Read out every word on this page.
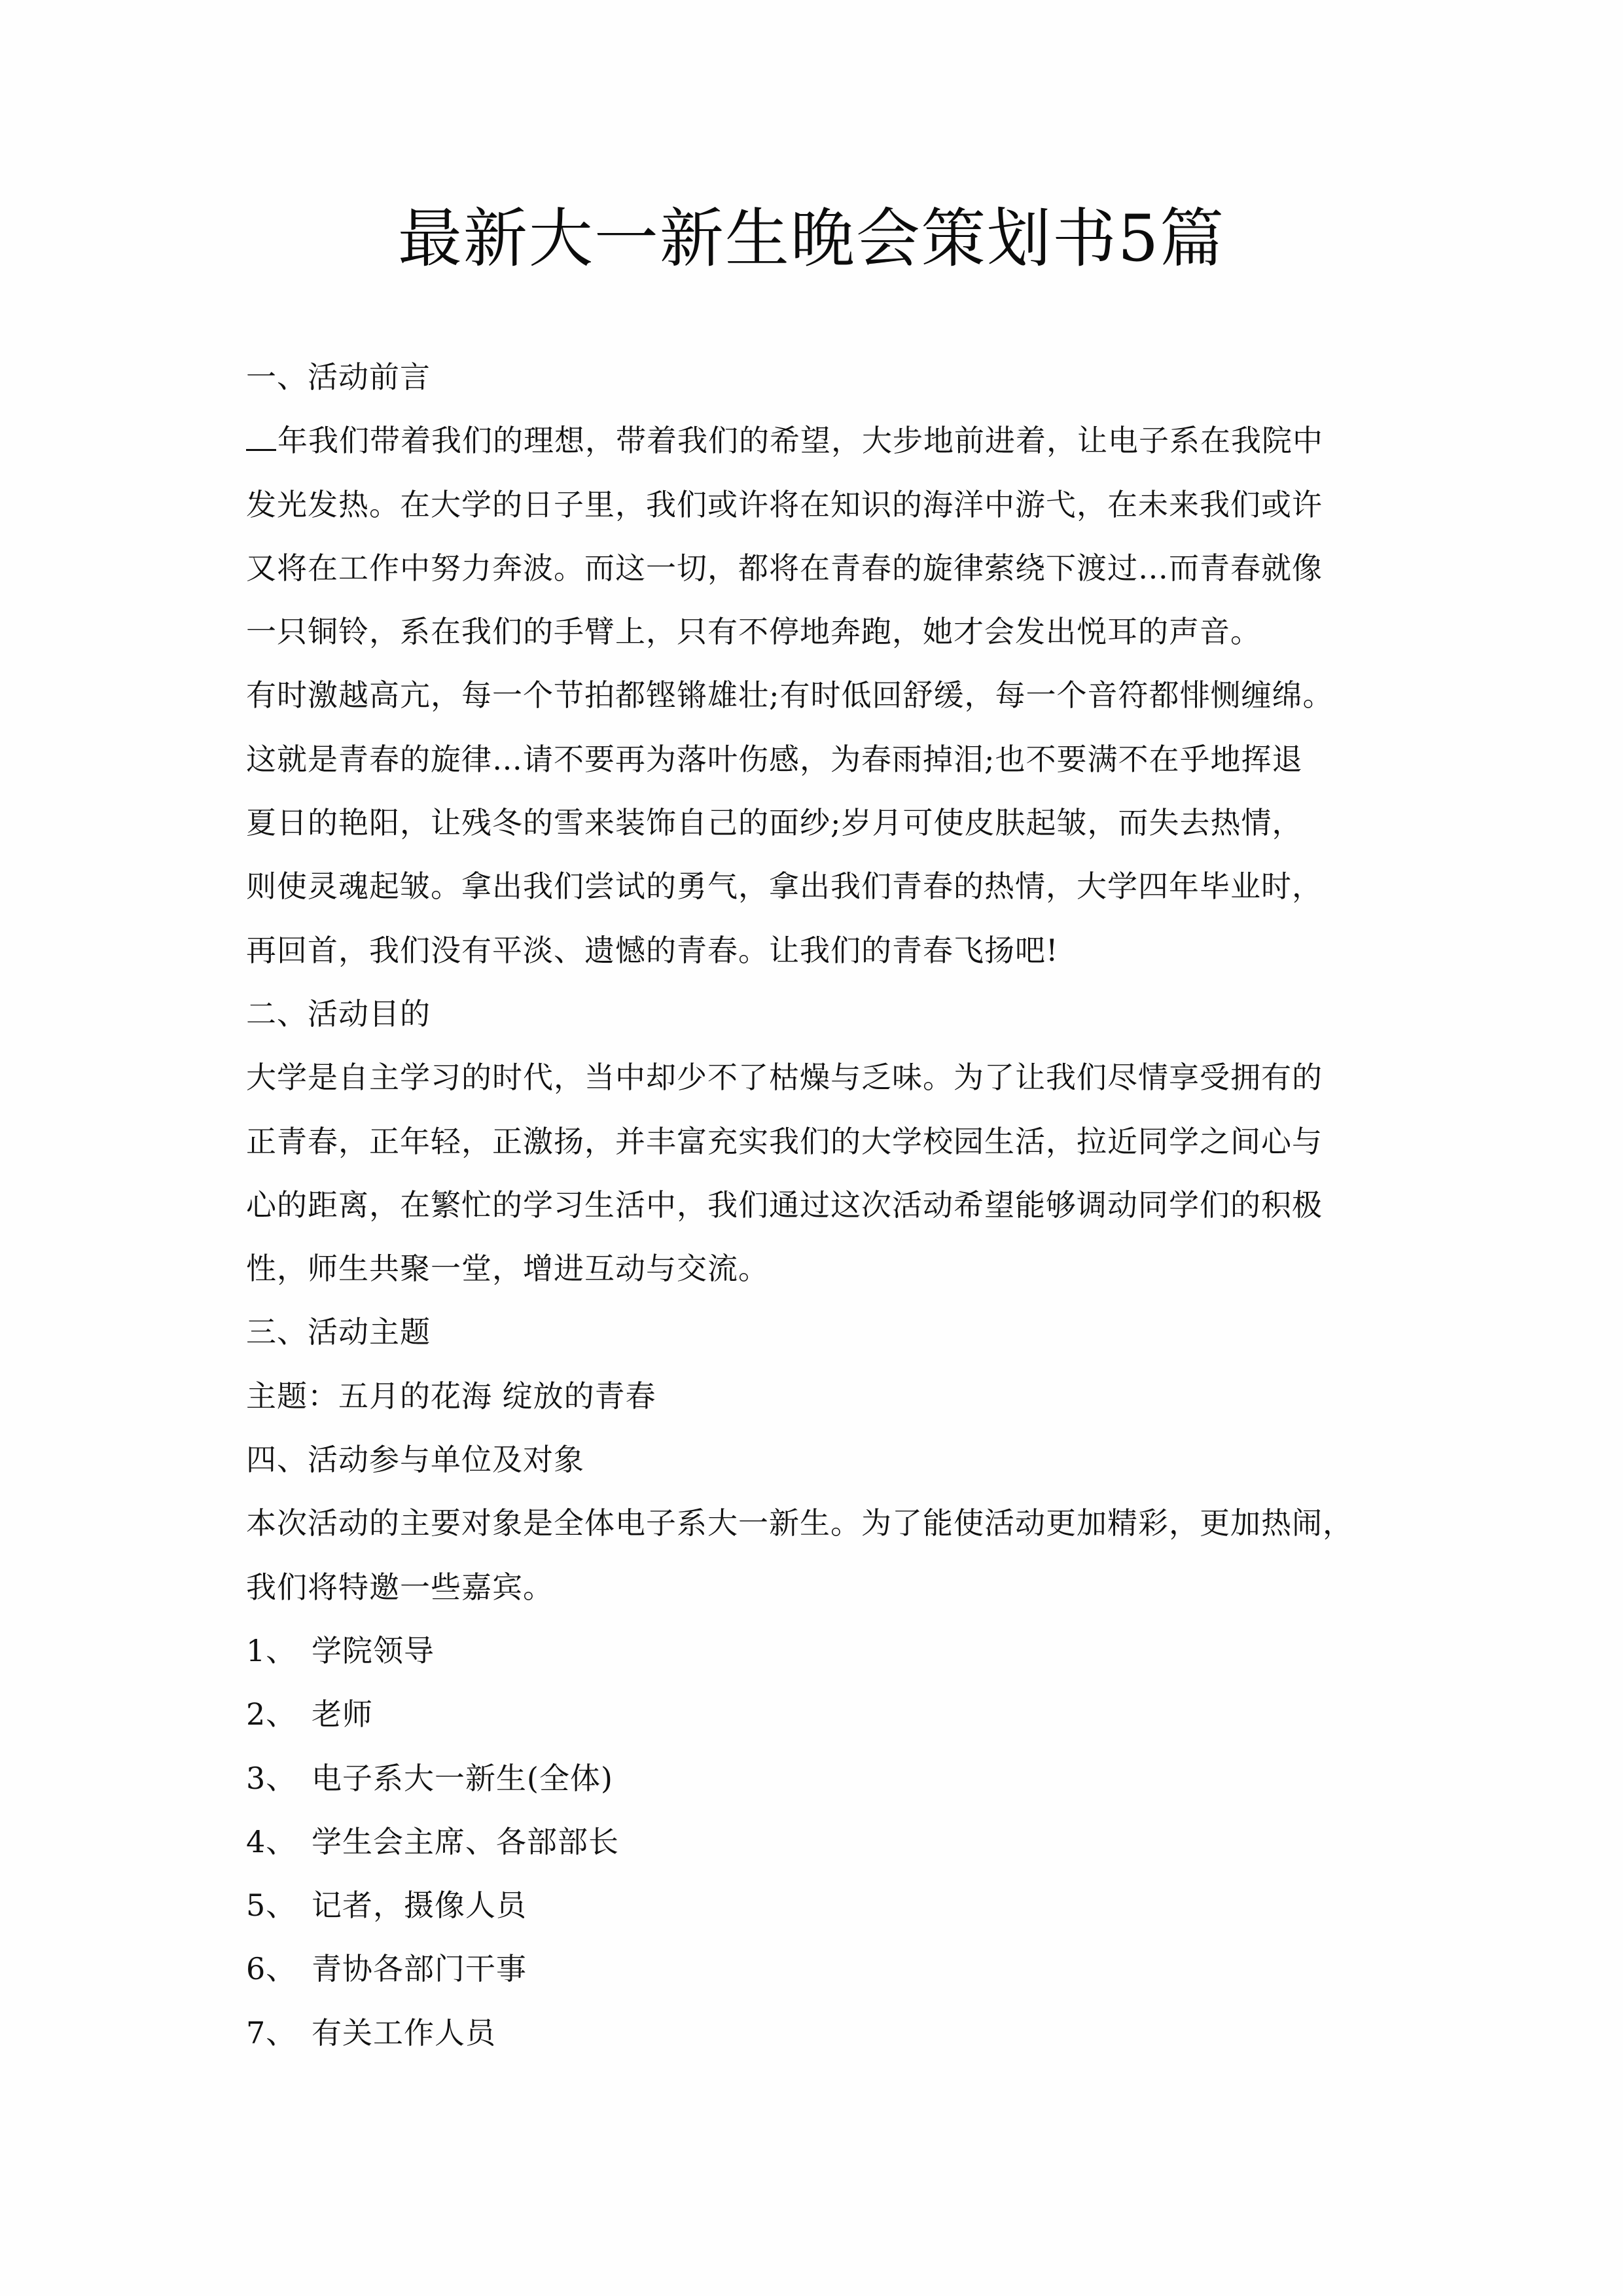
最新大一新生晚会策划书5篇
一、活动前言
年我们带着我们的理想，带着我们的希望，大步地前进着，让电子系在我院中
发光发热。在大学的日子里，我们或许将在知识的海洋中游弋，在未来我们或许
又将在工作中努力奔波。而这一切，都将在青春的旋律萦绕下渡过…而青春就像
一只铜铃，系在我们的手臂上，只有不停地奔跑，她才会发出悦耳的声音。
有时激越高亢，每一个节拍都铿锵雄壮;有时低回舒缓，每一个音符都悱恻缠绵。
这就是青春的旋律…请不要再为落叶伤感，为春雨掉泪;也不要满不在乎地挥退
夏日的艳阳，让残冬的雪来装饰自己的面纱;岁月可使皮肤起皱，而失去热情，
则使灵魂起皱。拿出我们尝试的勇气，拿出我们青春的热情，大学四年毕业时，
再回首，我们没有平淡、遗憾的青春。让我们的青春飞扬吧!
二、活动目的
大学是自主学习的时代，当中却少不了枯燥与乏味。为了让我们尽情享受拥有的
正青春，正年轻，正激扬，并丰富充实我们的大学校园生活，拉近同学之间心与
心的距离，在繁忙的学习生活中，我们通过这次活动希望能够调动同学们的积极
性，师生共聚一堂，增进互动与交流。
三、活动主题
主题：五月的花海 绽放的青春
四、活动参与单位及对象
本次活动的主要对象是全体电子系大一新生。为了能使活动更加精彩，更加热闹，
我们将特邀一些嘉宾。
1、 学院领导
2、 老师
3、 电子系大一新生(全体)
4、 学生会主席、各部部长
5、 记者，摄像人员
6、 青协各部门干事
7、 有关工作人员
